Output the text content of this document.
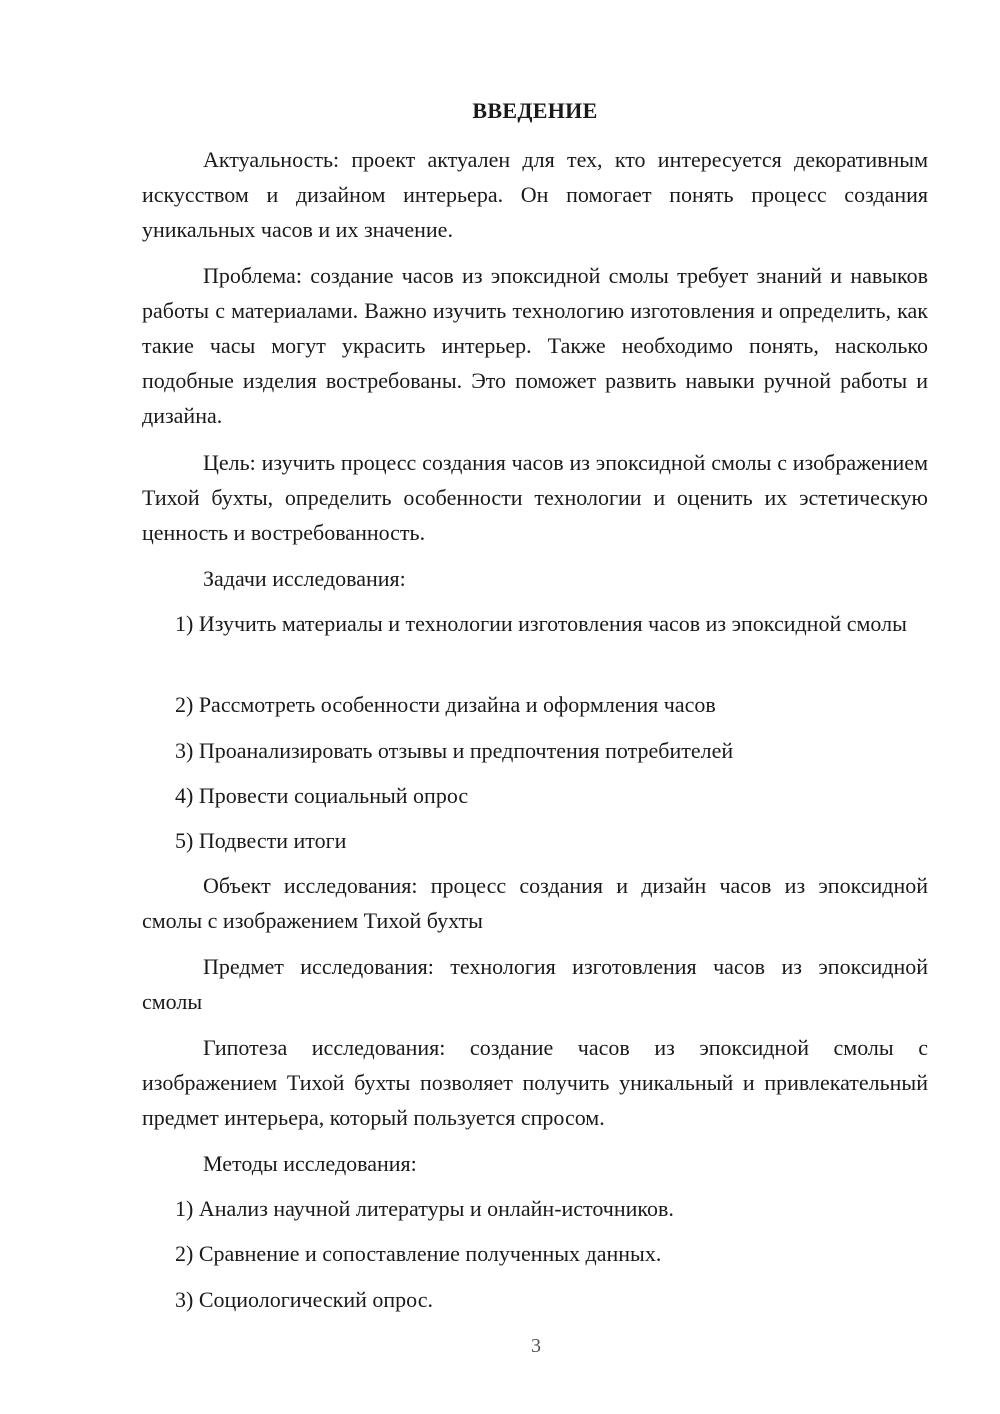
ВВЕДЕНИЕ
Актуальность: проект актуален для тех, кто интересуется декоративным искусством и дизайном интерьера. Он помогает понять процесс создания уникальных часов и их значение.
Проблема: создание часов из эпоксидной смолы требует знаний и навыков работы с материалами. Важно изучить технологию изготовления и определить, как такие часы могут украсить интерьер. Также необходимо понять, насколько подобные изделия востребованы. Это поможет развить навыки ручной работы и дизайна.
Цель: изучить процесс создания часов из эпоксидной смолы с изображением Тихой бухты, определить особенности технологии и оценить их эстетическую ценность и востребованность.
Задачи исследования:
1) Изучить материалы и технологии изготовления часов из эпоксидной смолы
2) Рассмотреть особенности дизайна и оформления часов
3) Проанализировать отзывы и предпочтения потребителей
4) Провести социальный опрос
5) Подвести итоги
Объект исследования: процесс создания и дизайн часов из эпоксидной смолы с изображением Тихой бухты
Предмет исследования: технология изготовления часов из эпоксидной смолы
Гипотеза исследования: создание часов из эпоксидной смолы с изображением Тихой бухты позволяет получить уникальный и привлекательный предмет интерьера, который пользуется спросом.
Методы исследования:
1) Анализ научной литературы и онлайн-источников.
2) Сравнение и сопоставление полученных данных.
3) Социологический опрос.
3
